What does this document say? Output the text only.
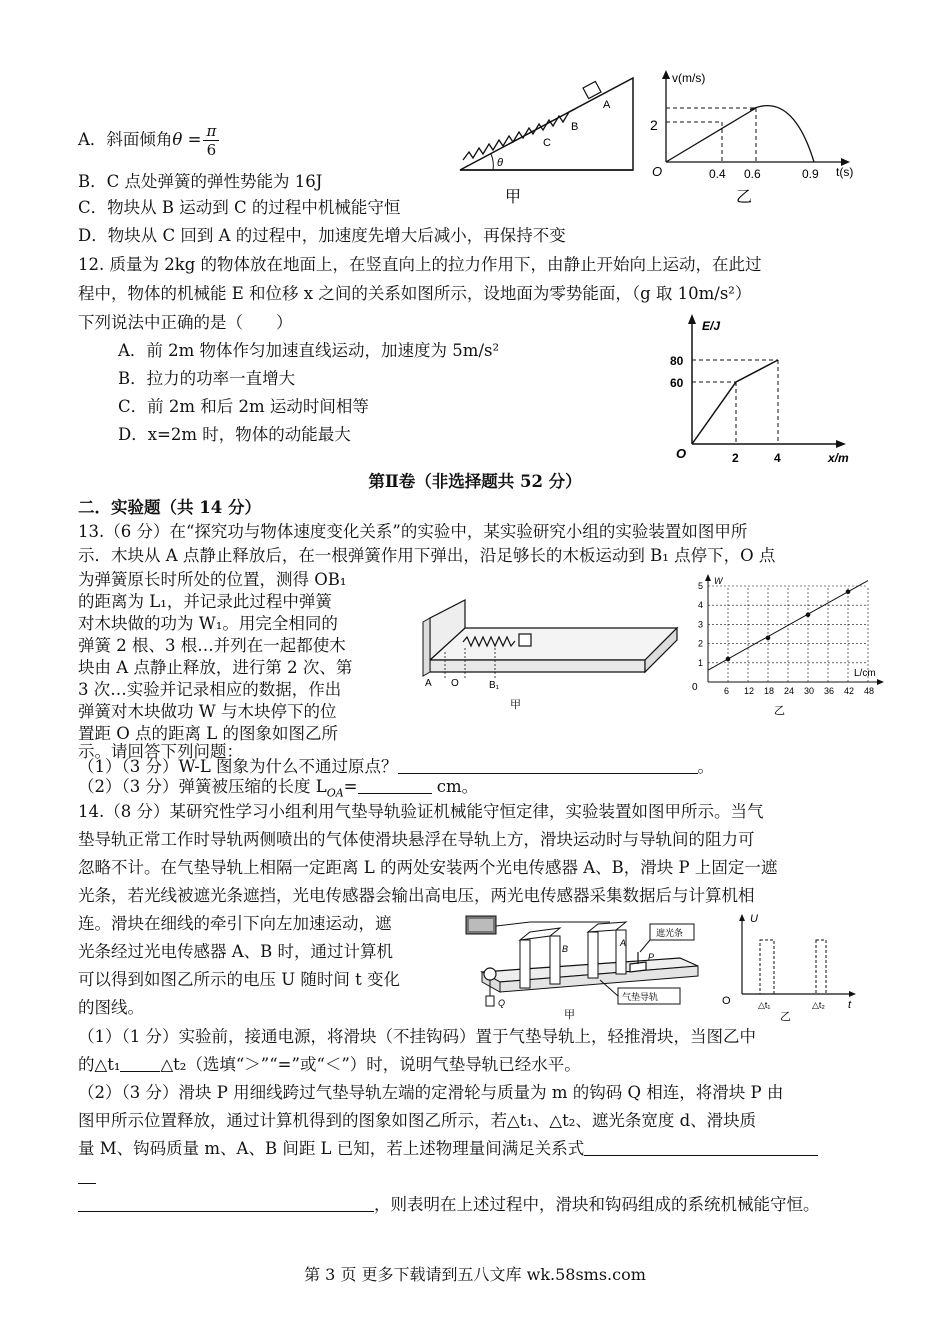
A．斜面倾角$\theta = \frac{\pi}{6}$
B．C 点处弹簧的弹性势能为 16J
C．物块从 B 运动到 C 的过程中机械能守恒
D．物块从 C 回到 A 的过程中，加速度先增大后减小，再保持不变
θ
A
B
C
甲
v(m/s)
t(s)
O
2
0.4 0.6	0.9
乙
12. 质量为 2kg 的物体放在地面上，在竖直向上的拉力作用下，由静止开始向上运动，在此过
程中，物体的机械能 E 和位移 x 之间的关系如图所示，设地面为零势能面，（g 取 10m/s²）
下列说法中正确的是（　　）
A．前 2m 物体作匀加速直线运动，加速度为 5m/s²
B．拉力的功率一直增大
C．前 2m 和后 2m 运动时间相等
D．x=2m 时，物体的动能最大
E/J
x/m
O
80
60
2	4
第Ⅱ卷（非选择题共 52 分）
二．实验题（共 14 分）
13.（6 分）在“探究功与物体速度变化关系”的实验中，某实验研究小组的实验装置如图甲所
示．木块从 A 点静止释放后，在一根弹簧作用下弹出，沿足够长的木板运动到 B₁ 点停下，O 点
为弹簧原长时所处的位置，测得 OB₁
的距离为 L₁，并记录此过程中弹簧
对木块做的功为 W₁。用完全相同的
弹簧 2 根、3 根…并列在一起都使木
块由 A 点静止释放，进行第 2 次、第
3 次…实验并记录相应的数据，作出
弹簧对木块做功 W 与木块停下的位
置距 O 点的距离 L 的图象如图乙所
示。请回答下列问题：
A O	B₁
甲
6 12 18 24 30 36 42 48
1
2
3
4
5 W
L/cm
0
乙
（1）（3 分）W-L 图象为什么不通过原点？	。
（2）（3 分）弹簧被压缩的长度 $L_{OA}=$	cm。
14.（8 分）某研究性学习小组利用气垫导轨验证机械能守恒定律，实验装置如图甲所示。当气
垫导轨正常工作时导轨两侧喷出的气体使滑块悬浮在导轨上方，滑块运动时与导轨间的阻力可
忽略不计。在气垫导轨上相隔一定距离 L 的两处安装两个光电传感器 A、B，滑块 P 上固定一遮
光条，若光线被遮光条遮挡，光电传感器会输出高电压，两光电传感器采集数据后与计算机相
连。滑块在细线的牵引下向左加速运动，遮
光条经过光电传感器 A、B 时，通过计算机
可以得到如图乙所示的电压 U 随时间 t 变化
的图线。
遮光条
气垫导轨
B
A
P
Q
甲
U
t
O	△t₁	△t₂
乙
（1）（1 分）实验前，接通电源，将滑块（不挂钩码）置于气垫导轨上，轻推滑块，当图乙中
的△t₁ △t₂（选填“＞”“=”或“＜”）时，说明气垫导轨已经水平。
（2）（3 分）滑块 P 用细线跨过气垫导轨左端的定滑轮与质量为 m 的钩码 Q 相连，将滑块 P 由
图甲所示位置释放，通过计算机得到的图象如图乙所示，若△t₁、△t₂、遮光条宽度 d、滑块质
量 M、钩码质量 m、A、B 间距 L 已知，若上述物理量间满足关系式
，则表明在上述过程中，滑块和钩码组成的系统机械能守恒。
第 3 页 更多下载请到五八文库 wk.58sms.com
